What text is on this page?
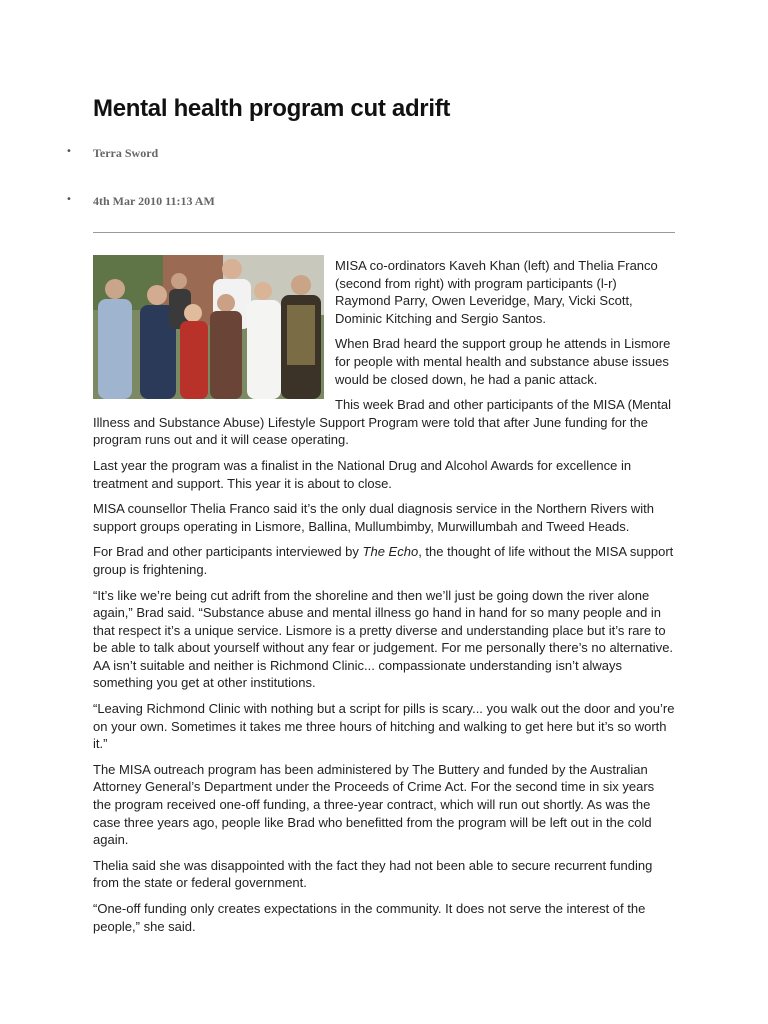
Mental health program cut adrift
• Terra Sword
• 4th Mar 2010 11:13 AM

MISA co-ordinators Kaveh Khan (left) and Thelia Franco (second from right) with program participants (l-r) Raymond Parry, Owen Leveridge, Mary, Vicki Scott, Dominic Kitching and Sergio Santos.

When Brad heard the support group he attends in Lismore for people with mental health and substance abuse issues would be closed down, he had a panic attack.

This week Brad and other participants of the MISA (Mental Illness and Substance Abuse) Lifestyle Support Program were told that after June funding for the program runs out and it will cease operating.

Last year the program was a finalist in the National Drug and Alcohol Awards for excellence in treatment and support. This year it is about to close.

MISA counsellor Thelia Franco said it’s the only dual diagnosis service in the Northern Rivers with support groups operating in Lismore, Ballina, Mullumbimby, Murwillumbah and Tweed Heads.

For Brad and other participants interviewed by The Echo, the thought of life without the MISA support group is frightening.

“It’s like we’re being cut adrift from the shoreline and then we’ll just be going down the river alone again,” Brad said. “Substance abuse and mental illness go hand in hand for so many people and in that respect it’s a unique service. Lismore is a pretty diverse and understanding place but it’s rare to be able to talk about yourself without any fear or judgement. For me personally there’s no alternative. AA isn’t suitable and neither is Richmond Clinic... compassionate understanding isn’t always something you get at other institutions.

“Leaving Richmond Clinic with nothing but a script for pills is scary... you walk out the door and you’re on your own. Sometimes it takes me three hours of hitching and walking to get here but it’s so worth it.”

The MISA outreach program has been administered by The Buttery and funded by the Australian Attorney General’s Department under the Proceeds of Crime Act. For the second time in six years the program received one-off funding, a three-year contract, which will run out shortly. As was the case three years ago, people like Brad who benefitted from the program will be left out in the cold again.

Thelia said she was disappointed with the fact they had not been able to secure recurrent funding from the state or federal government.

“One-off funding only creates expectations in the community. It does not serve the interest of the people,” she said.
